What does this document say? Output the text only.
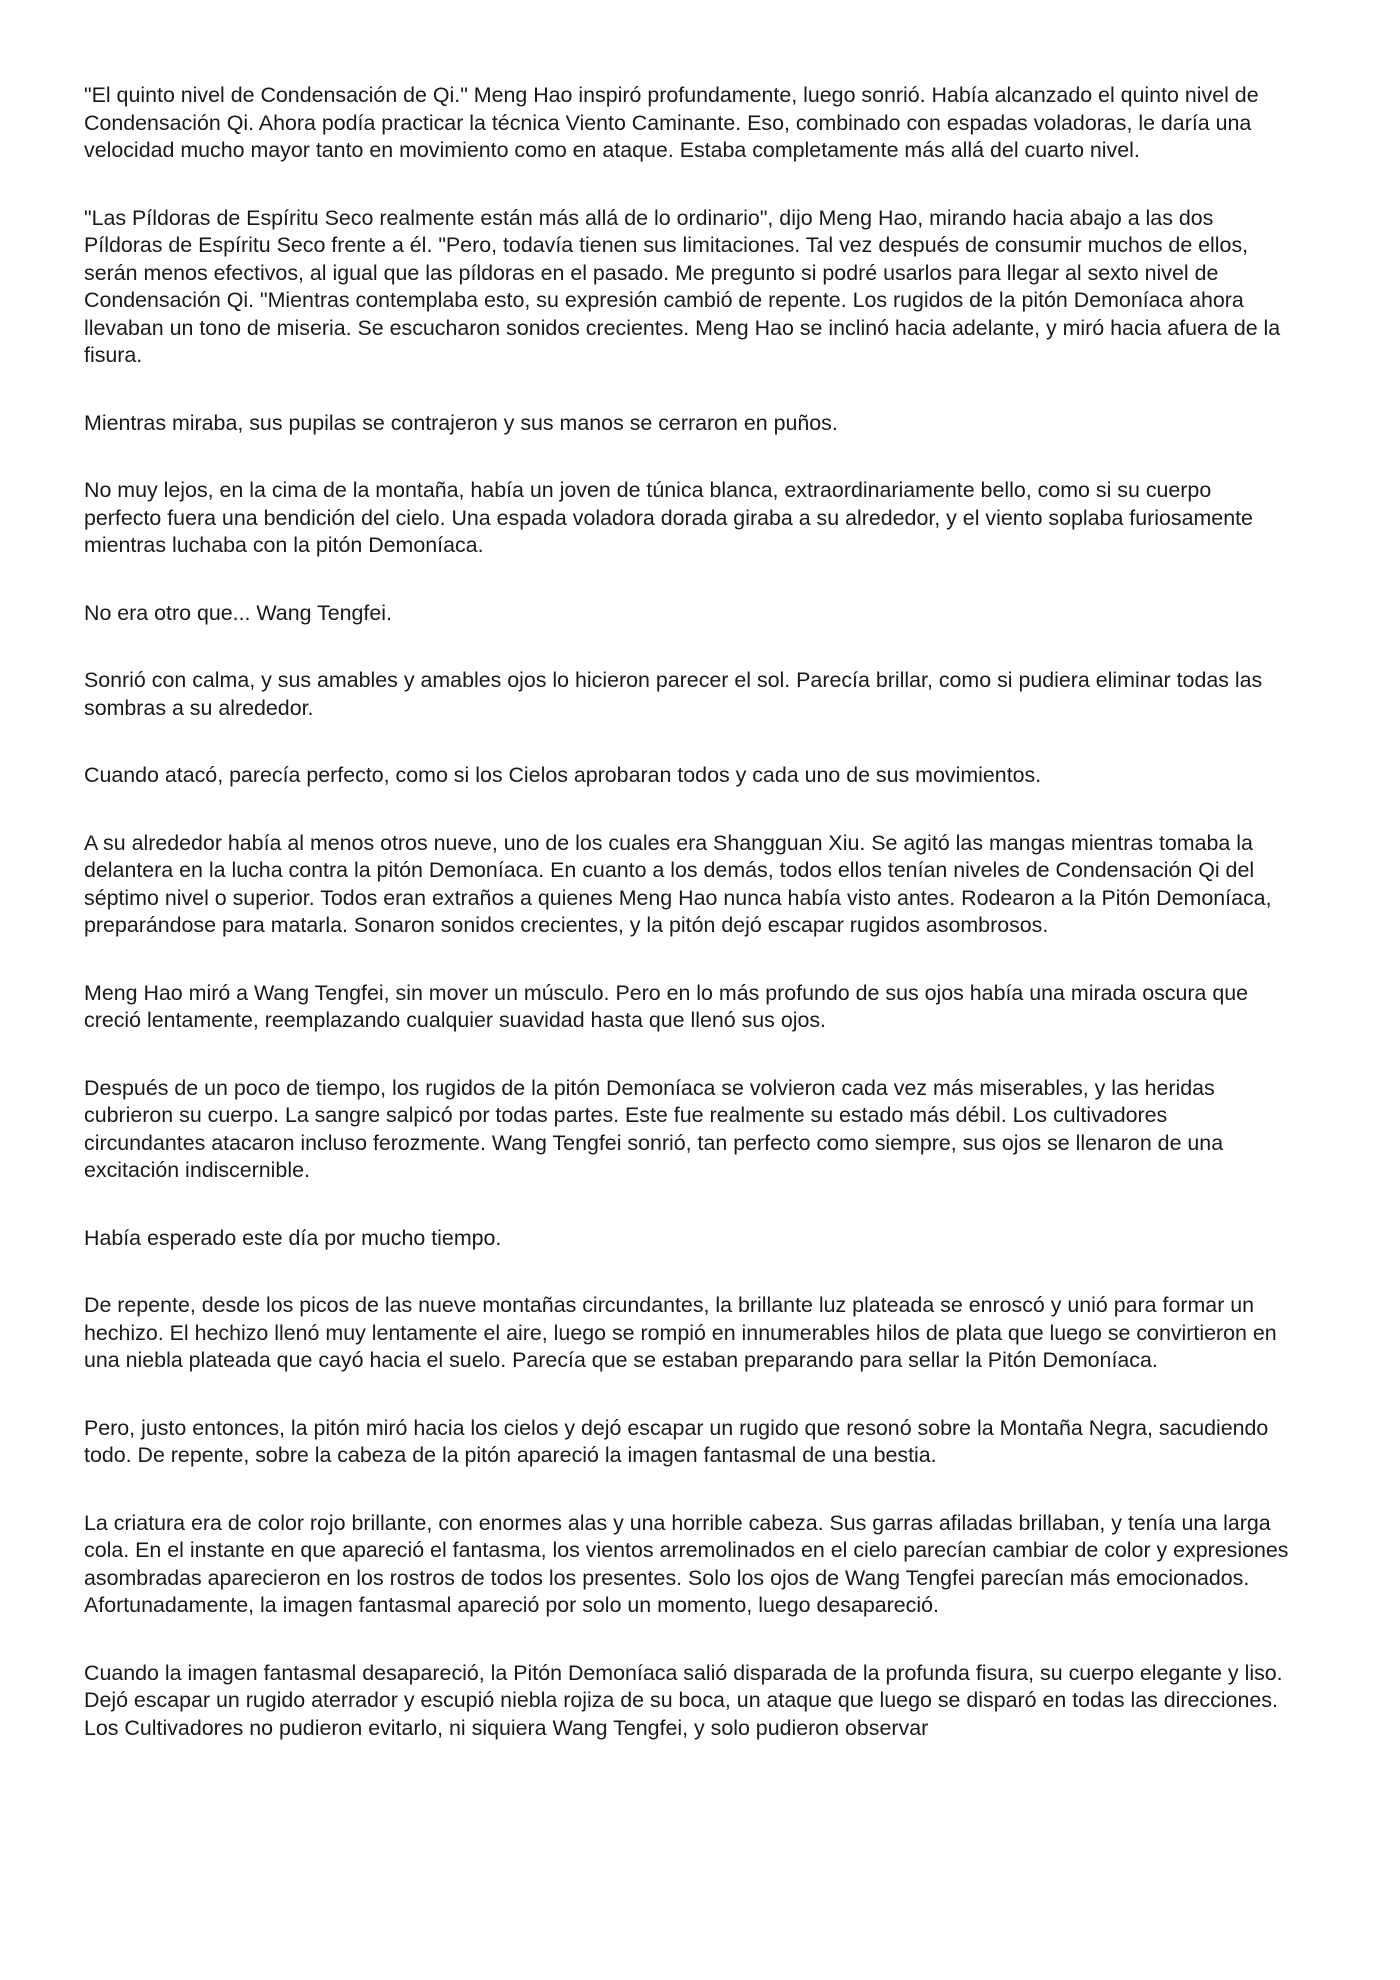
"El quinto nivel de Condensación de Qi." Meng Hao inspiró profundamente, luego sonrió. Había alcanzado el quinto nivel de Condensación Qi. Ahora podía practicar la técnica Viento Caminante. Eso, combinado con espadas voladoras, le daría una velocidad mucho mayor tanto en movimiento como en ataque. Estaba completamente más allá del cuarto nivel.

"Las Píldoras de Espíritu Seco realmente están más allá de lo ordinario", dijo Meng Hao, mirando hacia abajo a las dos Píldoras de Espíritu Seco frente a él. "Pero, todavía tienen sus limitaciones. Tal vez después de consumir muchos de ellos, serán menos efectivos, al igual que las píldoras en el pasado. Me pregunto si podré usarlos para llegar al sexto nivel de Condensación Qi. "Mientras contemplaba esto, su expresión cambió de repente. Los rugidos de la pitón Demoníaca ahora llevaban un tono de miseria. Se escucharon sonidos crecientes. Meng Hao se inclinó hacia adelante, y miró hacia afuera de la fisura.

Mientras miraba, sus pupilas se contrajeron y sus manos se cerraron en puños.

No muy lejos, en la cima de la montaña, había un joven de túnica blanca, extraordinariamente bello, como si su cuerpo perfecto fuera una bendición del cielo. Una espada voladora dorada giraba a su alrededor, y el viento soplaba furiosamente mientras luchaba con la pitón Demoníaca.

No era otro que... Wang Tengfei.

Sonrió con calma, y sus amables y amables ojos lo hicieron parecer el sol. Parecía brillar, como si pudiera eliminar todas las sombras a su alrededor.

Cuando atacó, parecía perfecto, como si los Cielos aprobaran todos y cada uno de sus movimientos.

A su alrededor había al menos otros nueve, uno de los cuales era Shangguan Xiu. Se agitó las mangas mientras tomaba la delantera en la lucha contra la pitón Demoníaca. En cuanto a los demás, todos ellos tenían niveles de Condensación Qi del séptimo nivel o superior. Todos eran extraños a quienes Meng Hao nunca había visto antes. Rodearon a la Pitón Demoníaca, preparándose para matarla. Sonaron sonidos crecientes, y la pitón dejó escapar rugidos asombrosos.

Meng Hao miró a Wang Tengfei, sin mover un músculo. Pero en lo más profundo de sus ojos había una mirada oscura que creció lentamente, reemplazando cualquier suavidad hasta que llenó sus ojos.

Después de un poco de tiempo, los rugidos de la pitón Demoníaca se volvieron cada vez más miserables, y las heridas cubrieron su cuerpo. La sangre salpicó por todas partes. Este fue realmente su estado más débil. Los cultivadores circundantes atacaron incluso ferozmente. Wang Tengfei sonrió, tan perfecto como siempre, sus ojos se llenaron de una excitación indiscernible.

Había esperado este día por mucho tiempo.

De repente, desde los picos de las nueve montañas circundantes, la brillante luz plateada se enroscó y unió para formar un hechizo. El hechizo llenó muy lentamente el aire, luego se rompió en innumerables hilos de plata que luego se convirtieron en una niebla plateada que cayó hacia el suelo. Parecía que se estaban preparando para sellar la Pitón Demoníaca.

Pero, justo entonces, la pitón miró hacia los cielos y dejó escapar un rugido que resonó sobre la Montaña Negra, sacudiendo todo. De repente, sobre la cabeza de la pitón apareció la imagen fantasmal de una bestia.

La criatura era de color rojo brillante, con enormes alas y una horrible cabeza. Sus garras afiladas brillaban, y tenía una larga cola. En el instante en que apareció el fantasma, los vientos arremolinados en el cielo parecían cambiar de color y expresiones asombradas aparecieron en los rostros de todos los presentes. Solo los ojos de Wang Tengfei parecían más emocionados. Afortunadamente, la imagen fantasmal apareció por solo un momento, luego desapareció.

Cuando la imagen fantasmal desapareció, la Pitón Demoníaca salió disparada de la profunda fisura, su cuerpo elegante y liso. Dejó escapar un rugido aterrador y escupió niebla rojiza de su boca, un ataque que luego se disparó en todas las direcciones. Los Cultivadores no pudieron evitarlo, ni siquiera Wang Tengfei, y solo pudieron observar
